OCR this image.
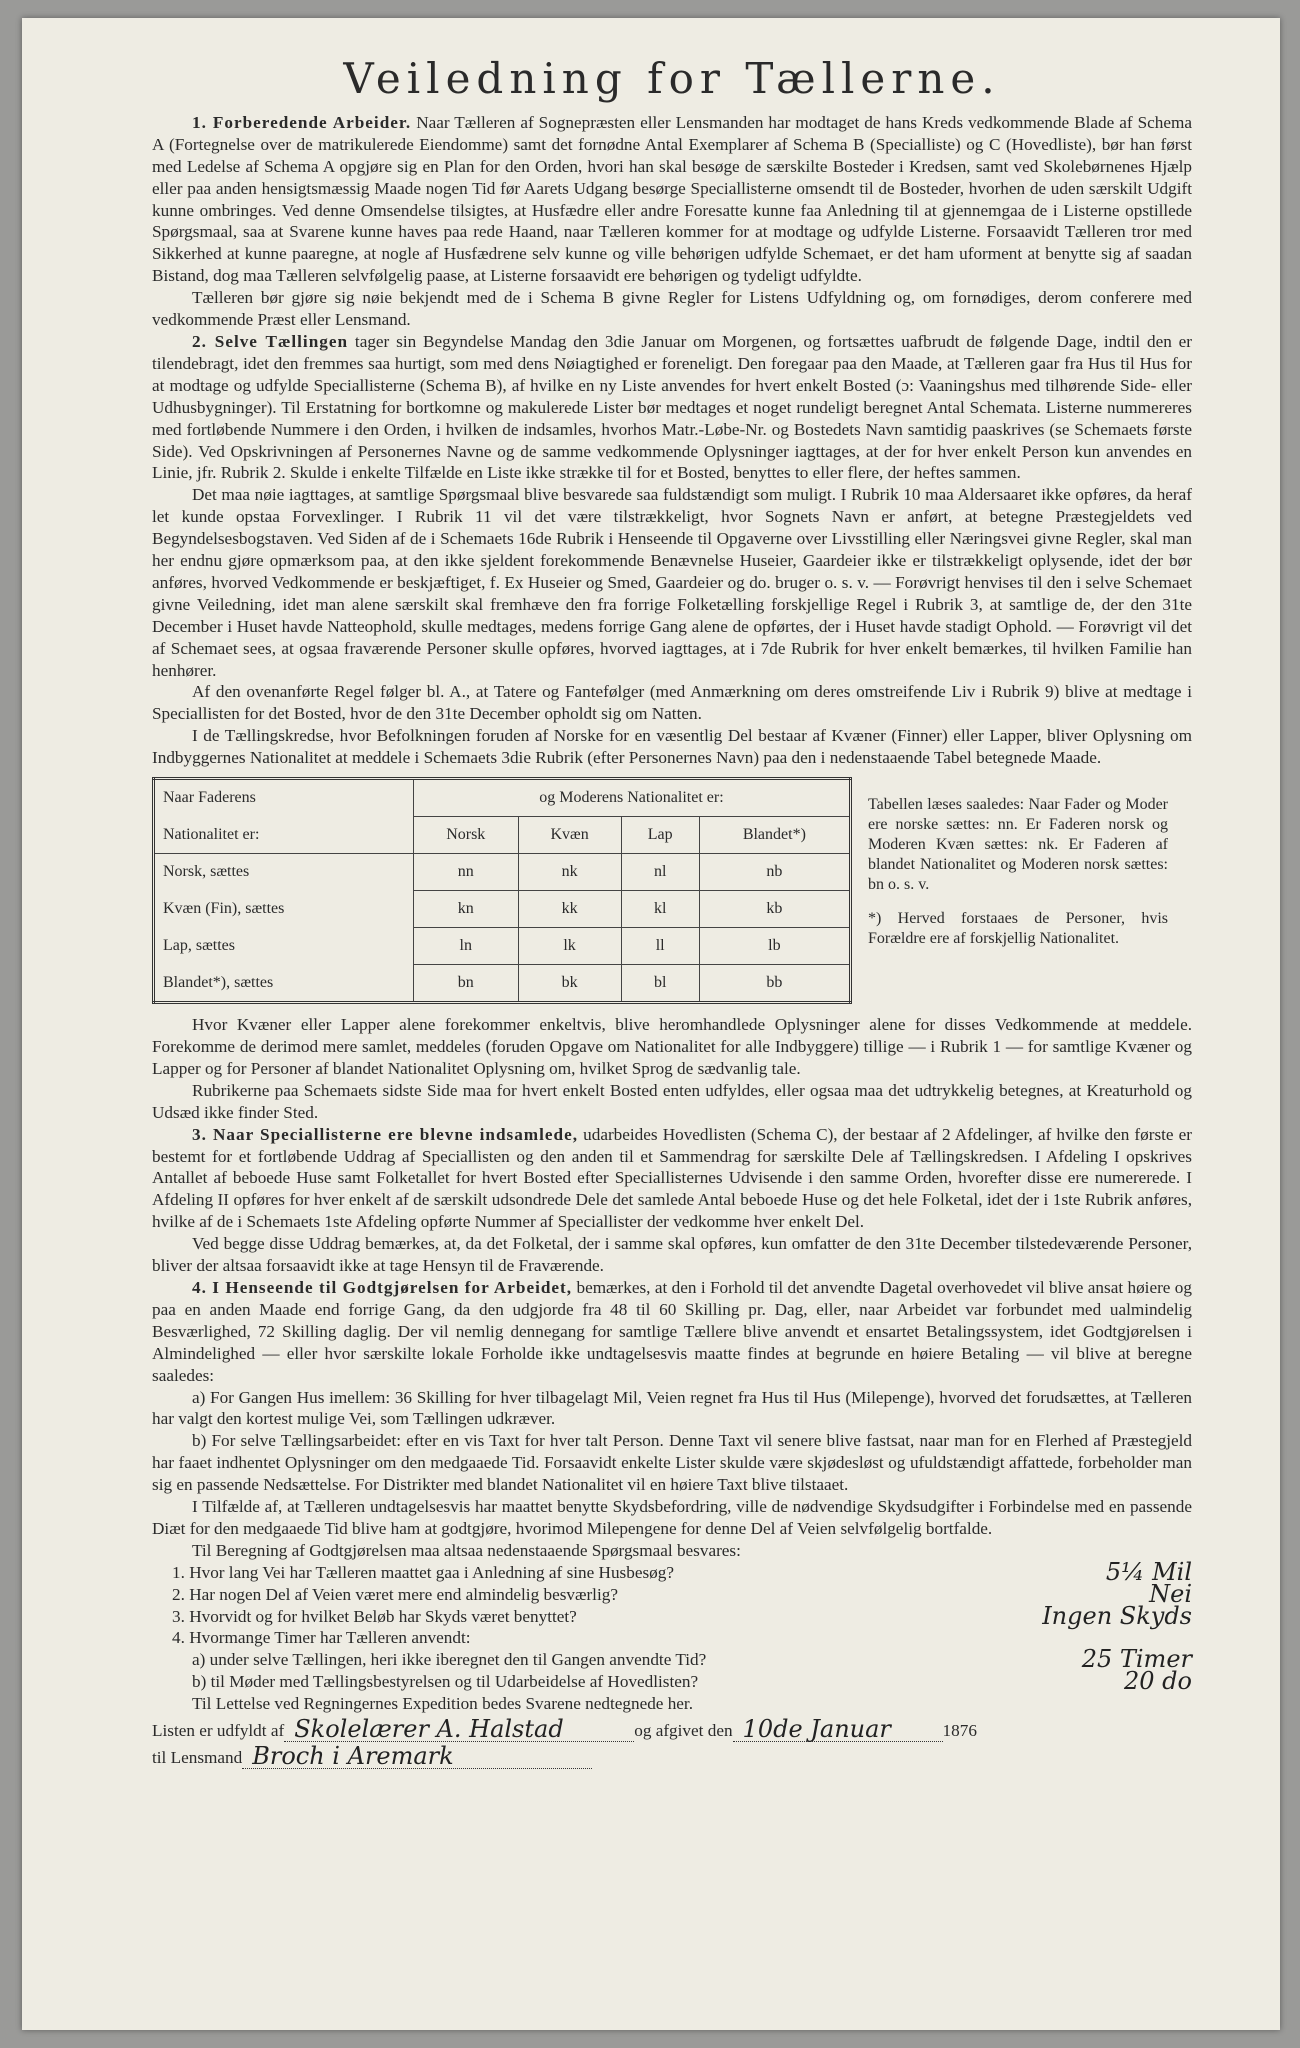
Veiledning for Tællerne.

1. Forberedende Arbeider. Naar Tælleren af Sognepræsten eller Lensmanden har modtaget de hans Kreds vedkommende Blade af Schema A (Fortegnelse over de matrikulerede Eiendomme) samt det fornødne Antal Exemplarer af Schema B (Specialliste) og C (Hovedliste), bør han først med Ledelse af Schema A opgjøre sig en Plan for den Orden, hvori han skal besøge de særskilte Bosteder i Kredsen, samt ved Skolebørnenes Hjælp eller paa anden hensigtsmæssig Maade nogen Tid før Aarets Udgang besørge Speciallisterne omsendt til de Bosteder, hvorhen de uden særskilt Udgift kunne ombringes. Ved denne Omsendelse tilsigtes, at Husfædre eller andre Foresatte kunne faa Anledning til at gjennemgaa de i Listerne opstillede Spørgsmaal, saa at Svarene kunne haves paa rede Haand, naar Tælleren kommer for at modtage og udfylde Listerne. Forsaavidt Tælleren tror med Sikkerhed at kunne paaregne, at nogle af Husfædrene selv kunne og ville behørigen udfylde Schemaet, er det ham uforment at benytte sig af saadan Bistand, dog maa Tælleren selvfølgelig paase, at Listerne forsaavidt ere behørigen og tydeligt udfyldte.

Tælleren bør gjøre sig nøie bekjendt med de i Schema B givne Regler for Listens Udfyldning og, om fornødiges, derom conferere med vedkommende Præst eller Lensmand.

2. Selve Tællingen tager sin Begyndelse Mandag den 3die Januar om Morgenen, og fortsættes uafbrudt de følgende Dage, indtil den er tilendebragt, idet den fremmes saa hurtigt, som med dens Nøiagtighed er foreneligt. Den foregaar paa den Maade, at Tælleren gaar fra Hus til Hus for at modtage og udfylde Speciallisterne (Schema B), af hvilke en ny Liste anvendes for hvert enkelt Bosted (ɔ: Vaaningshus med tilhørende Side- eller Udhusbygninger). Til Erstatning for bortkomne og makulerede Lister bør medtages et noget rundeligt beregnet Antal Schemata. Listerne nummereres med fortløbende Nummere i den Orden, i hvilken de indsamles, hvorhos Matr.-Løbe-Nr. og Bostedets Navn samtidig paaskrives (se Schemaets første Side). Ved Opskrivningen af Personernes Navne og de samme vedkommende Oplysninger iagttages, at der for hver enkelt Person kun anvendes en Linie, jfr. Rubrik 2. Skulde i enkelte Tilfælde en Liste ikke strække til for et Bosted, benyttes to eller flere, der heftes sammen.

Det maa nøie iagttages, at samtlige Spørgsmaal blive besvarede saa fuldstændigt som muligt. I Rubrik 10 maa Aldersaaret ikke opføres, da heraf let kunde opstaa Forvexlinger. I Rubrik 11 vil det være tilstrækkeligt, hvor Sognets Navn er anført, at betegne Præstegjeldets ved Begyndelsesbogstaven. Ved Siden af de i Schemaets 16de Rubrik i Henseende til Opgaverne over Livsstilling eller Næringsvei givne Regler, skal man her endnu gjøre opmærksom paa, at den ikke sjeldent forekommende Benævnelse Huseier, Gaardeier ikke er tilstrækkeligt oplysende, idet der bør anføres, hvorved Vedkommende er beskjæftiget, f. Ex Huseier og Smed, Gaardeier og do. bruger o. s. v. — Forøvrigt henvises til den i selve Schemaet givne Veiledning, idet man alene særskilt skal fremhæve den fra forrige Folketælling forskjellige Regel i Rubrik 3, at samtlige de, der den 31te December i Huset havde Natteophold, skulle medtages, medens forrige Gang alene de opførtes, der i Huset havde stadigt Ophold. — Forøvrigt vil det af Schemaet sees, at ogsaa fraværende Personer skulle opføres, hvorved iagttages, at i 7de Rubrik for hver enkelt bemærkes, til hvilken Familie han henhører.

Af den ovenanførte Regel følger bl. A., at Tatere og Fantefølger (med Anmærkning om deres omstreifende Liv i Rubrik 9) blive at medtage i Speciallisten for det Bosted, hvor de den 31te December opholdt sig om Natten.

I de Tællingskredse, hvor Befolkningen foruden af Norske for en væsentlig Del bestaar af Kvæner (Finner) eller Lapper, bliver Oplysning om Indbyggernes Nationalitet at meddele i Schemaets 3die Rubrik (efter Personernes Navn) paa den i nedenstaaende Tabel betegnede Maade.

Naar Faderens	og Moderens Nationalitet er:			
Nationalitet er:	Norsk	Kvæn	Lap	Blandet*)
Norsk, sættes	nn	nk	nl	nb
Kvæn (Fin), sættes	kn	kk	kl	kb
Lap, sættes	ln	lk	ll	lb
Blandet*), sættes	bn	bk	bl	bb

Tabellen læses saaledes: Naar Fader og Moder ere norske sættes: nn. Er Faderen norsk og Moderen Kvæn sættes: nk. Er Faderen af blandet Nationalitet og Moderen norsk sættes: bn o. s. v.

*) Herved forstaaes de Personer, hvis Forældre ere af forskjellig Nationalitet.

Hvor Kvæner eller Lapper alene forekommer enkeltvis, blive heromhandlede Oplysninger alene for disses Vedkommende at meddele. Forekomme de derimod mere samlet, meddeles (foruden Opgave om Nationalitet for alle Indbyggere) tillige — i Rubrik 1 — for samtlige Kvæner og Lapper og for Personer af blandet Nationalitet Oplysning om, hvilket Sprog de sædvanlig tale.

Rubrikerne paa Schemaets sidste Side maa for hvert enkelt Bosted enten udfyldes, eller ogsaa maa det udtrykkelig betegnes, at Kreaturhold og Udsæd ikke finder Sted.

3. Naar Speciallisterne ere blevne indsamlede, udarbeides Hovedlisten (Schema C), der bestaar af 2 Afdelinger, af hvilke den første er bestemt for et fortløbende Uddrag af Speciallisten og den anden til et Sammendrag for særskilte Dele af Tællingskredsen. I Afdeling I opskrives Antallet af beboede Huse samt Folketallet for hvert Bosted efter Speciallisternes Udvisende i den samme Orden, hvorefter disse ere numererede. I Afdeling II opføres for hver enkelt af de særskilt udsondrede Dele det samlede Antal beboede Huse og det hele Folketal, idet der i 1ste Rubrik anføres, hvilke af de i Schemaets 1ste Afdeling opførte Nummer af Speciallister der vedkomme hver enkelt Del.

Ved begge disse Uddrag bemærkes, at, da det Folketal, der i samme skal opføres, kun omfatter de den 31te December tilstedeværende Personer, bliver der altsaa forsaavidt ikke at tage Hensyn til de Fraværende.

4. I Henseende til Godtgjørelsen for Arbeidet, bemærkes, at den i Forhold til det anvendte Dagetal overhovedet vil blive ansat høiere og paa en anden Maade end forrige Gang, da den udgjorde fra 48 til 60 Skilling pr. Dag, eller, naar Arbeidet var forbundet med ualmindelig Besværlighed, 72 Skilling daglig. Der vil nemlig dennegang for samtlige Tællere blive anvendt et ensartet Betalingssystem, idet Godtgjørelsen i Almindelighed — eller hvor særskilte lokale Forholde ikke undtagelsesvis maatte findes at begrunde en høiere Betaling — vil blive at beregne saaledes:

a) For Gangen Hus imellem: 36 Skilling for hver tilbagelagt Mil, Veien regnet fra Hus til Hus (Milepenge), hvorved det forudsættes, at Tælleren har valgt den kortest mulige Vei, som Tællingen udkræver.

b) For selve Tællingsarbeidet: efter en vis Taxt for hver talt Person. Denne Taxt vil senere blive fastsat, naar man for en Flerhed af Præstegjeld har faaet indhentet Oplysninger om den medgaaede Tid. Forsaavidt enkelte Lister skulde være skjødesløst og ufuldstændigt affattede, forbeholder man sig en passende Nedsættelse. For Distrikter med blandet Nationalitet vil en høiere Taxt blive tilstaaet.

I Tilfælde af, at Tælleren undtagelsesvis har maattet benytte Skydsbefordring, ville de nødvendige Skydsudgifter i Forbindelse med en passende Diæt for den medgaaede Tid blive ham at godtgjøre, hvorimod Milepengene for denne Del af Veien selvfølgelig bortfalde.

Til Beregning af Godtgjørelsen maa altsaa nedenstaaende Spørgsmaal besvares:

1. Hvor lang Vei har Tælleren maattet gaa i Anledning af sine Husbesøg?	5¼ Mil
2. Har nogen Del af Veien været mere end almindelig besværlig?	Nei
3. Hvorvidt og for hvilket Beløb har Skyds været benyttet?	Ingen Skyds
4. Hvormange Timer har Tælleren anvendt:
a) under selve Tællingen, heri ikke iberegnet den til Gangen anvendte Tid?	25 Timer
b) til Møder med Tællingsbestyrelsen og til Udarbeidelse af Hovedlisten?	20 do

Til Lettelse ved Regningernes Expedition bedes Svarene nedtegnede her.

Listen er udfyldt af Skolelærer A. Halstad	og afgivet den 10de Januar	1876
til Lensmand Broch i Aremark
